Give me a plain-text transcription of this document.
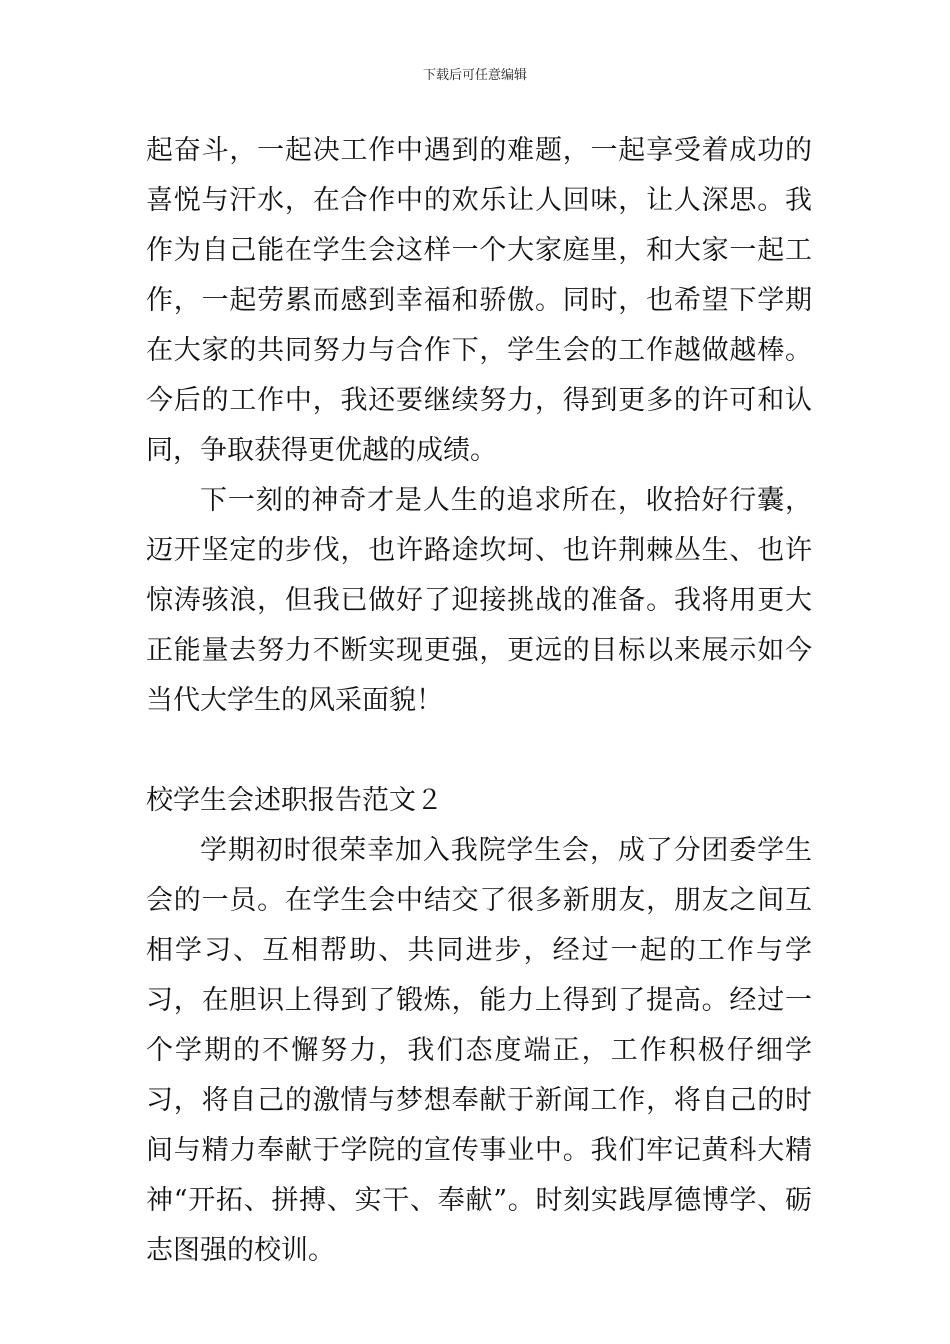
下载后可任意编辑

起奋斗，一起决工作中遇到的难题，一起享受着成功的喜悦与汗水，在合作中的欢乐让人回味，让人深思。我作为自己能在学生会这样一个大家庭里，和大家一起工作，一起劳累而感到幸福和骄傲。同时，也希望下学期在大家的共同努力与合作下，学生会的工作越做越棒。今后的工作中，我还要继续努力，得到更多的许可和认同，争取获得更优越的成绩。

下一刻的神奇才是人生的追求所在，收拾好行囊，迈开坚定的步伐，也许路途坎坷、也许荆棘丛生、也许惊涛骇浪，但我已做好了迎接挑战的准备。我将用更大正能量去努力不断实现更强，更远的目标以来展示如今当代大学生的风采面貌！

校学生会述职报告范文２

学期初时很荣幸加入我院学生会，成了分团委学生会的一员。在学生会中结交了很多新朋友，朋友之间互相学习、互相帮助、共同进步，经过一起的工作与学习，在胆识上得到了锻炼，能力上得到了提高。经过一个学期的不懈努力，我们态度端正，工作积极仔细学习，将自己的激情与梦想奉献于新闻工作，将自己的时间与精力奉献于学院的宣传事业中。我们牢记黄科大精神“开拓、拼搏、实干、奉献”。时刻实践厚德博学、砺志图强的校训。
